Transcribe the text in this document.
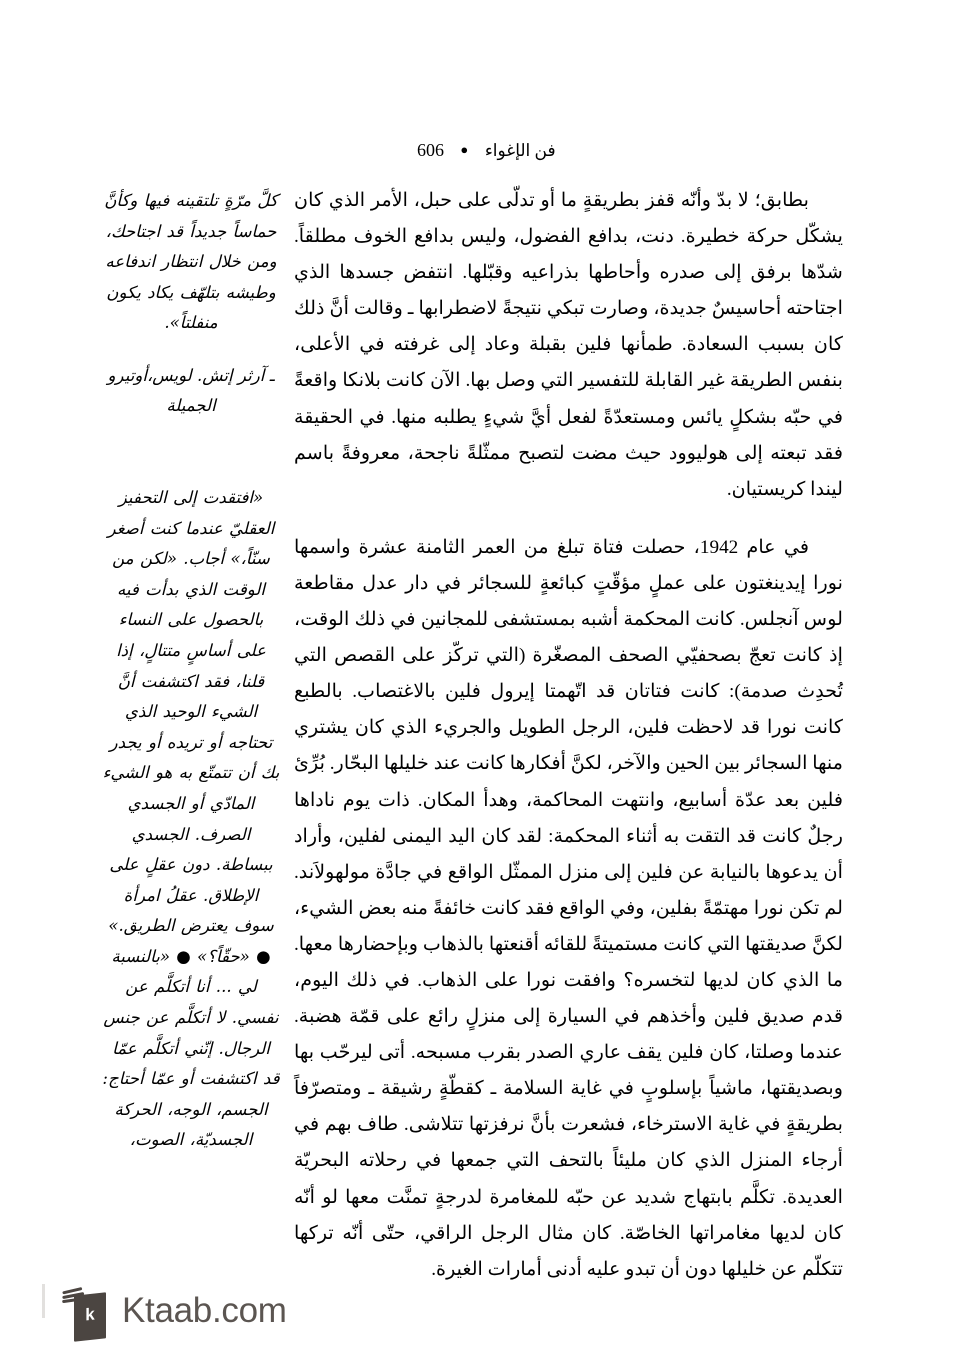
فن الإغواء ● 606

بطابق؛ لا بدّ وأنّه قفز بطريقةٍ ما أو تدلّى على حبل، الأمر الذي كان يشكّل حركة خطيرة. دنت، بدافع الفضول، وليس بدافع الخوف مطلقاً. شدّها برفق إلى صدره وأحاطها بذراعيه وقبّلها. انتفض جسدها الذي اجتاحته أحاسيسٌ جديدة، وصارت تبكي نتيجةً لاضطرابها ـ وقالت أنَّ ذلك كان بسبب السعادة. طمأنها فلين بقبلة وعاد إلى غرفته في الأعلى، بنفس الطريقة غير القابلة للتفسير التي وصل بها. الآن كانت بلانكا واقعةً في حبّه بشكلٍ يائس ومستعدّةً لفعل أيَّ شيءٍ يطلبه منها. في الحقيقة فقد تبعته إلى هوليوود حيث مضت لتصبح ممثّلةً ناجحة، معروفةً باسم ليندا كريستيان.

في عام 1942، حصلت فتاة تبلغ من العمر الثامنة عشرة واسمها نورا إيدينغتون على عملٍ مؤقّتٍ كبائعةٍ للسجائر في دار عدل مقاطعة لوس آنجلس. كانت المحكمة أشبه بمستشفى للمجانين في ذلك الوقت، إذ كانت تعجّ بصحفيّي الصحف المصغّرة (التي تركّز على القصص التي تُحدِث صدمة): كانت فتاتان قد اتّهمتا إيرول فلين بالاغتصاب. بالطبع كانت نورا قد لاحظت فلين، الرجل الطويل والجريء الذي كان يشتري منها السجائر بين الحين والآخر، لكنَّ أفكارها كانت عند خليلها البحّار. بُرِّئ فلين بعد عدّة أسابيع، وانتهت المحاكمة، وهدأ المكان. ذات يوم ناداها رجلٌ كانت قد التقت به أثناء المحكمة: لقد كان اليد اليمنى لفلين، وأراد أن يدعوها بالنيابة عن فلين إلى منزل الممثّل الواقع في جادَّة مولهولاَند. لم تكن نورا مهتمّةً بفلين، وفي الواقع فقد كانت خائفةً منه بعض الشيء، لكنَّ صديقتها التي كانت مستميتةً للقائه أقنعتها بالذهاب وبإحضارها معها. ما الذي كان لديها لتخسره؟ وافقت نورا على الذهاب. في ذلك اليوم، قدم صديق فلين وأخذهم في السيارة إلى منزلٍ رائع على قمّة هضبة. عندما وصلتا، كان فلين يقف عاري الصدر بقرب مسبحه. أتى ليرحّب بها وبصديقتها، ماشياً بإسلوبٍ في غاية السلامة ـ كقطّةٍ رشيقة ـ ومتصرّفاً بطريقةٍ في غاية الاسترخاء، فشعرت بأنَّ نرفزتها تتلاشى. طاف بهم في أرجاء المنزل الذي كان مليئاً بالتحف التي جمعها في رحلاته البحريّة العديدة. تكلَّم بابتهاج شديد عن حبّه للمغامرة لدرجةٍ تمنَّت معها لو أنّه كان لديها مغامراتها الخاصّة. كان مثال الرجل الراقي، حتّى أنّه تركها تتكلّم عن خليلها دون أن تبدو عليه أدنى أمارات الغيرة.

كلَّ مرّةٍ تلتقينه فيها وكأنَّ حماساً جديداً قد اجتاحك، ومن خلال انتظار اندفاعه وطيشه بتلهّف يكاد يكون منفلتاً».

ـ آرثر إتش. لويس،أوتيرو الجميلة

«افتقدت إلى التحفيز العقليّ عندما كنت أصغر سنّاً،» أجاب. «لكن من الوقت الذي بدأت فيه بالحصول على النساء على أساسٍ متتالٍ، إذا قلنا، فقد اكتشفت أنَّ الشيء الوحيد الذي تحتاجه أو تريده أو يجدر بك أن تتمتّع به هو الشيء المادّي أو الجسدي الصرف. الجسدي ببساطة. دون عقلٍ على الإطلاق. عقلُ امرأة سوف يعترض الطريق.» ● «حقّاً؟» ● «بالنسبة لي ... أنا أتكلَّم عن نفسي. لا أتكلَّم عن جنس الرجال. إنّني أتكلَّم عمّا قد اكتشفت أو عمّا أحتاج: الجسم، الوجه، الحركة الجسديّة، الصوت،

k Ktaab.com
